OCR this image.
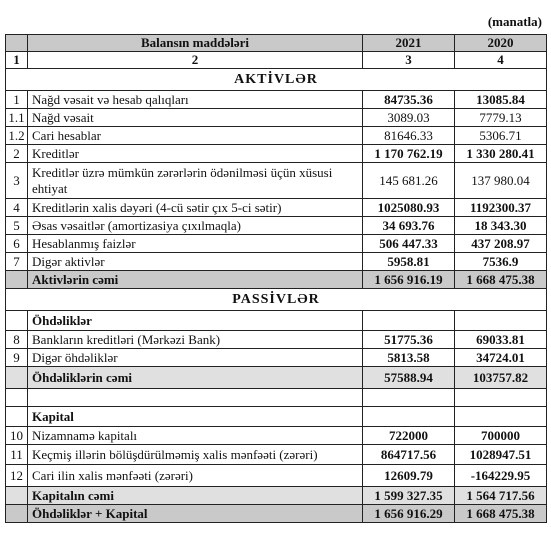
(manatla)
	Balansın maddələri	2021	2020
1	2	3	4
AKTİVLƏR			
1	Nağd vəsait və hesab qalıqları	84735.36	13085.84
1.1	Nağd vəsait	3089.03	7779.13
1.2	Cari hesablar	81646.33	5306.71
2	Kreditlər	1 170 762.19	1 330 280.41
3	Kreditlər üzrə mümkün zərərlərin ödənilməsi üçün xüsusi ehtiyat	145 681.26	137 980.04
4	Kreditlərin xalis dəyəri (4-cü sətir çıx 5-ci sətir)	1025080.93	1192300.37
5	Əsas vəsaitlər (amortizasiya çıxılmaqla)	34 693.76	18 343.30
6	Hesablanmış faizlər	506 447.33	437 208.97
7	Digər aktivlər	5958.81	7536.9
	Aktivlərin cəmi	1 656 916.19	1 668 475.38
PASSİVLƏR			
	Öhdəliklər		
8	Bankların kreditləri (Mərkəzi Bank)	51775.36	69033.81
9	Digər öhdəliklər	5813.58	34724.01
	Öhdəliklərin cəmi	57588.94	103757.82

	Kapital		
10	Nizamnamə kapitalı	722000	700000
11	Keçmiş illərin bölüşdürülməmiş xalis mənfəəti (zərəri)	864717.56	1028947.51
12	Cari ilin xalis mənfəəti (zərəri)	12609.79	-164229.95
	Kapitalın cəmi	1 599 327.35	1 564 717.56
	Öhdəliklər + Kapital	1 656 916.29	1 668 475.38
